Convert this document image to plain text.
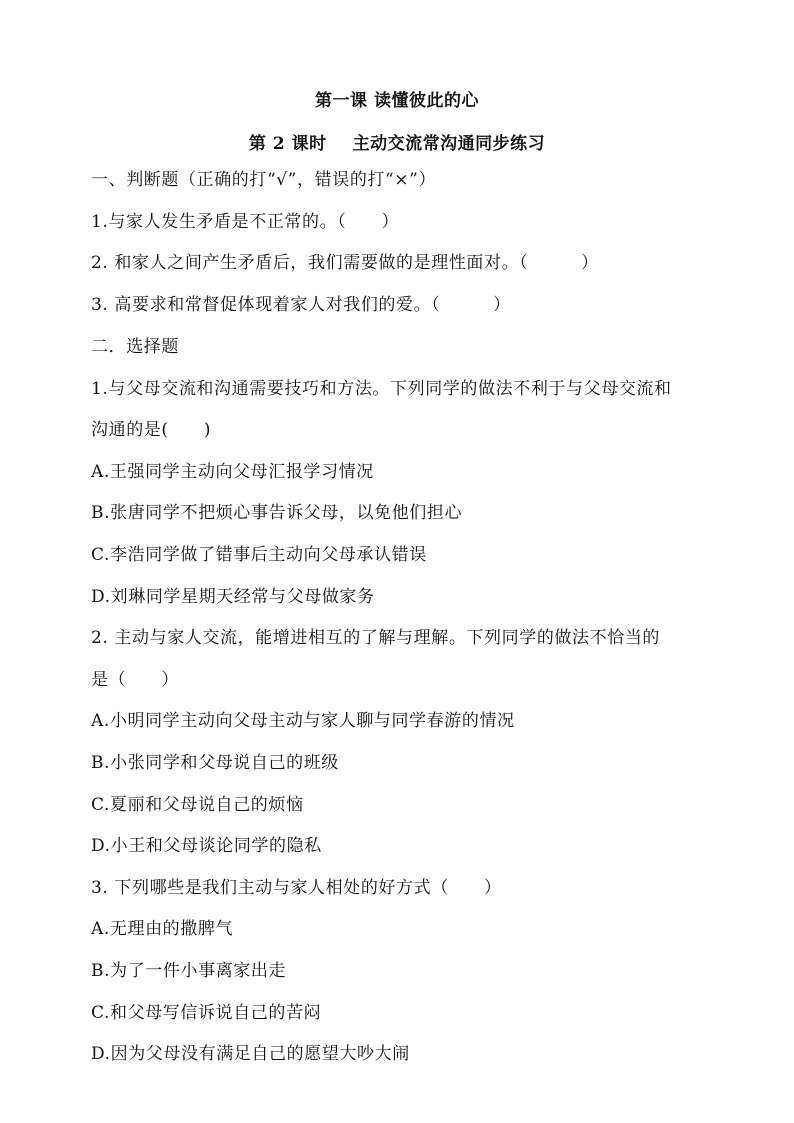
第一课 读懂彼此的心
第 2 课时 主动交流常沟通同步练习
一、判断题（正确的打“√”，错误的打“×”）
1.与家人发生矛盾是不正常的。（　　）
2. 和家人之间产生矛盾后，我们需要做的是理性面对。（　　　）
3. 高要求和常督促体现着家人对我们的爱。（　　　）
二．选择题
1.与父母交流和沟通需要技巧和方法。下列同学的做法不利于与父母交流和
沟通的是(　　)
A.王强同学主动向父母汇报学习情况
B.张唐同学不把烦心事告诉父母，以免他们担心
C.李浩同学做了错事后主动向父母承认错误
D.刘琳同学星期天经常与父母做家务
2. 主动与家人交流，能增进相互的了解与理解。下列同学的做法不恰当的
是（　　）
A.小明同学主动向父母主动与家人聊与同学春游的情况
B.小张同学和父母说自己的班级
C.夏丽和父母说自己的烦恼
D.小王和父母谈论同学的隐私
3. 下列哪些是我们主动与家人相处的好方式（　　）
A.无理由的撒脾气
B.为了一件小事离家出走
C.和父母写信诉说自己的苦闷
D.因为父母没有满足自己的愿望大吵大闹
